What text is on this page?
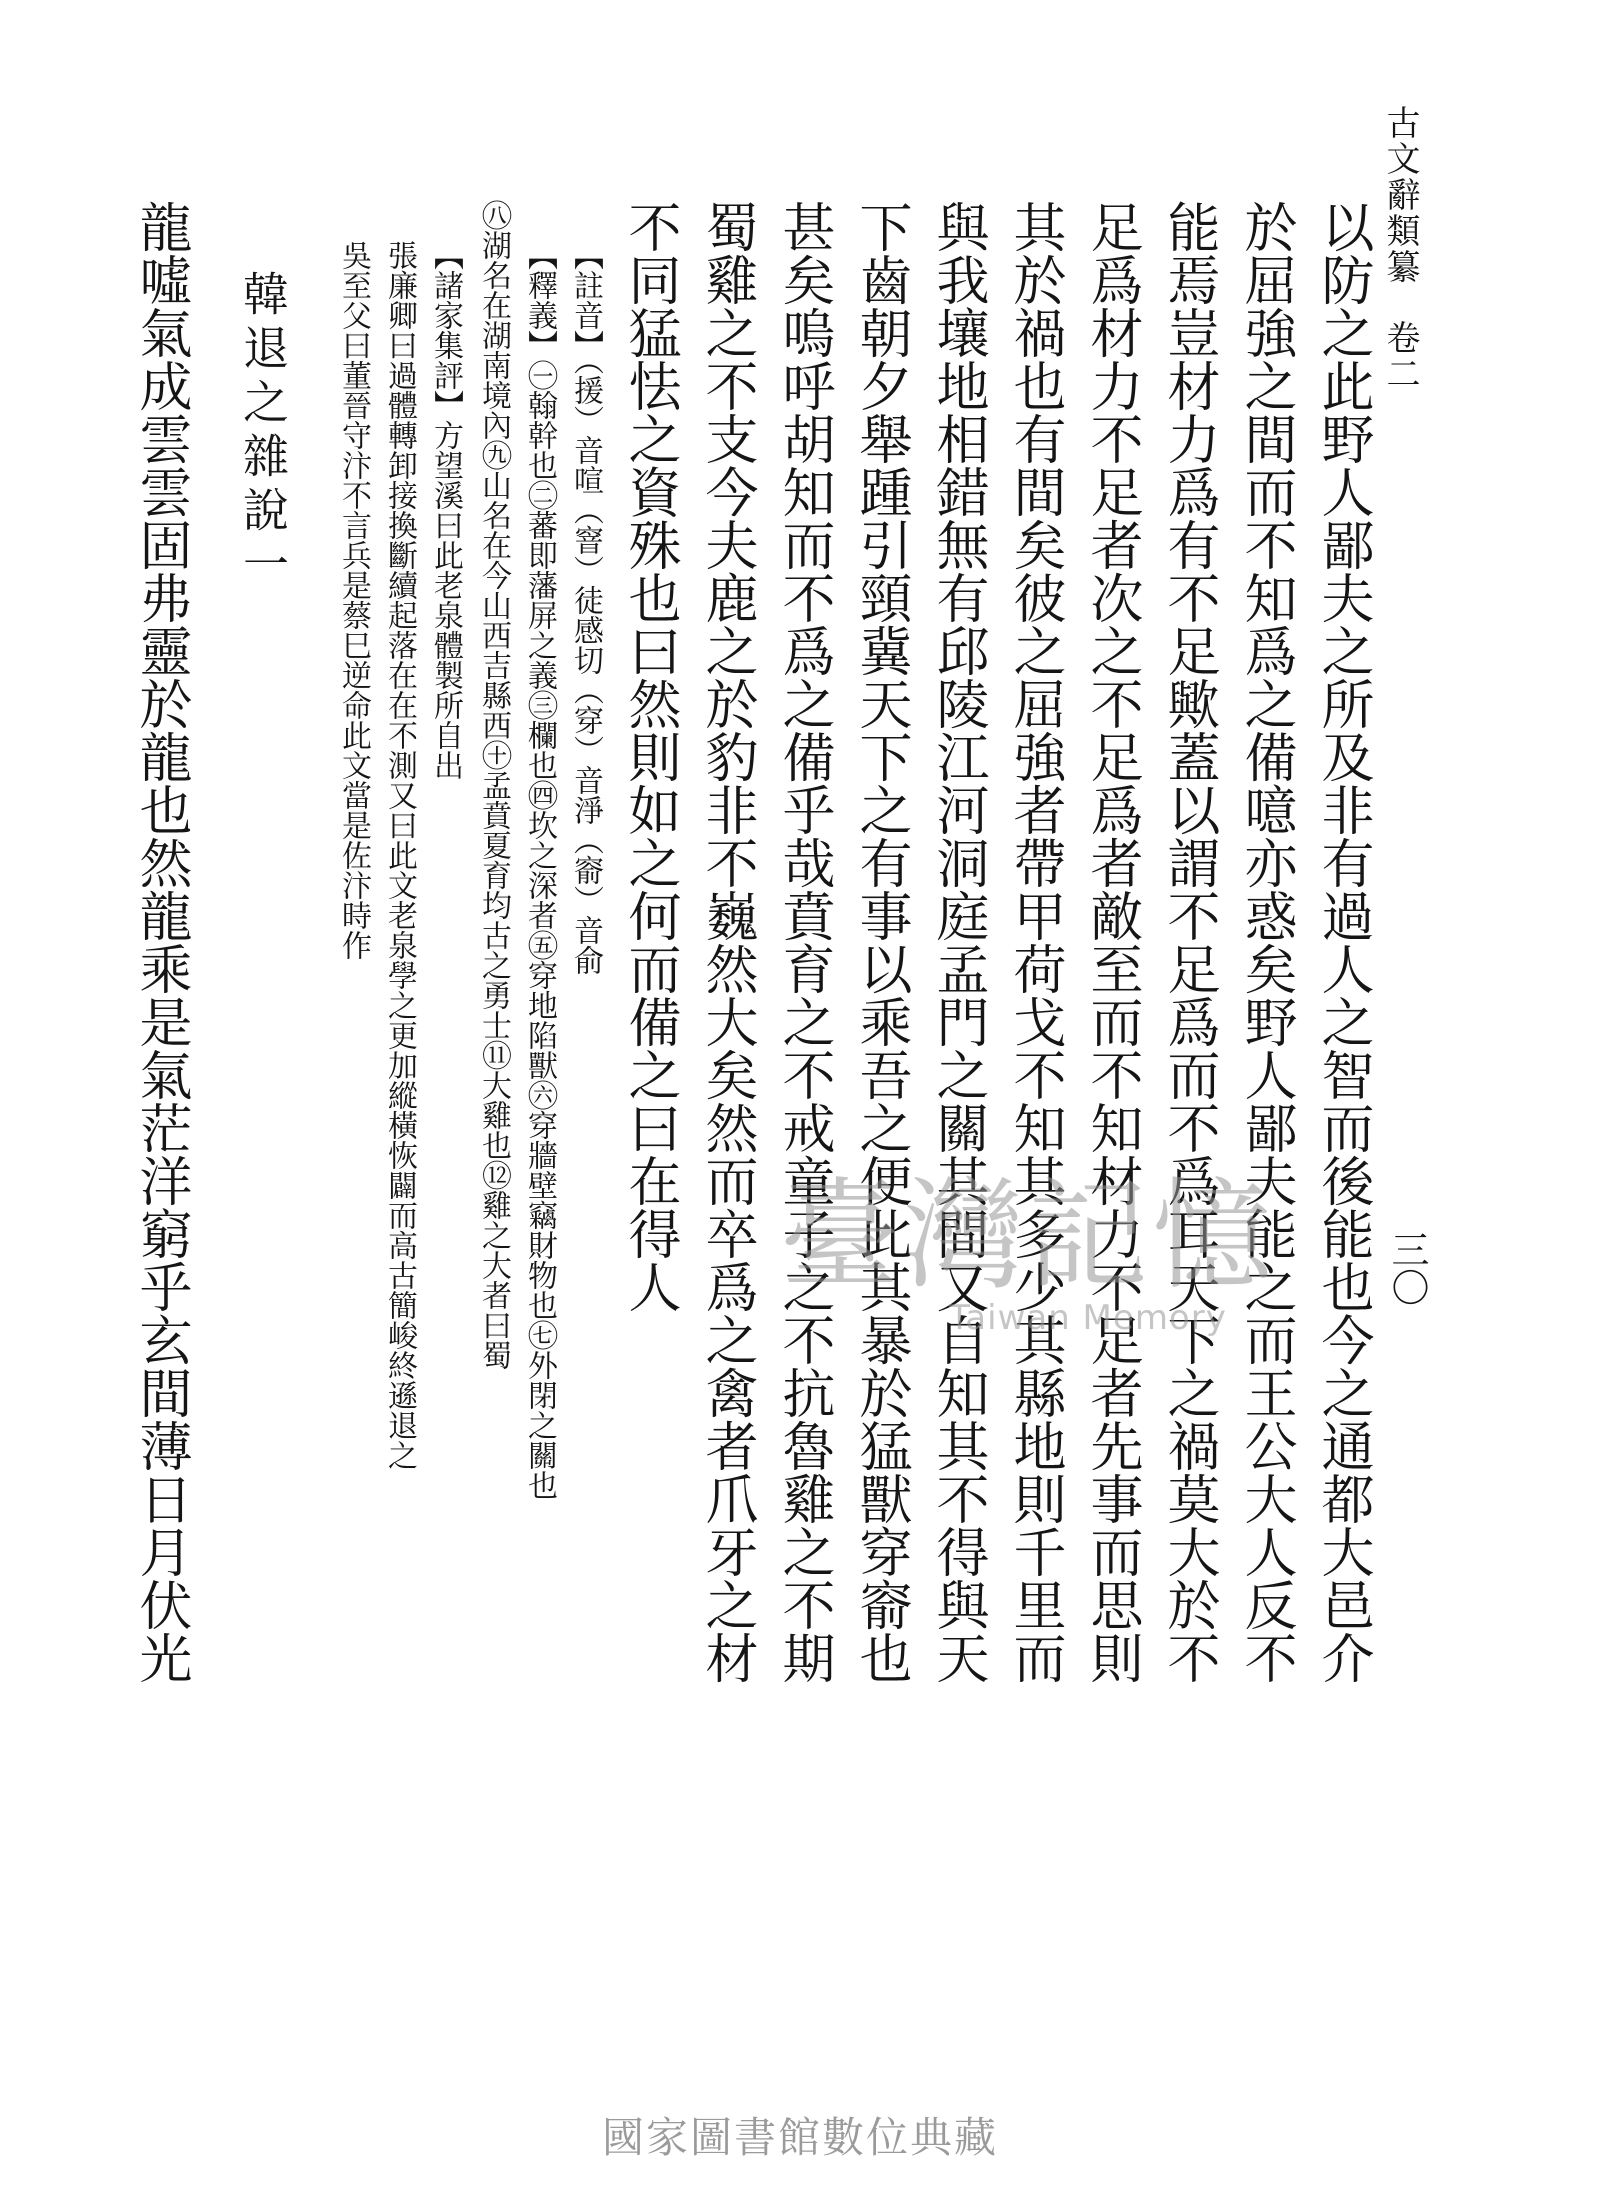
古文辭類纂
卷二
三〇
以防之此野人鄙夫之所及非有過人之智而後能也今之通都大邑介
於屈強之間而不知爲之備噫亦惑矣野人鄙夫能之而王公大人反不
能焉豈材力爲有不足歟蓋以謂不足爲而不爲耳天下之禍莫大於不
足爲材力不足者次之不足爲者敵至而不知材力不足者先事而思則
其於禍也有間矣彼之屈強者帶甲荷戈不知其多少其縣地則千里而
與我壤地相錯無有邱陵江河洞庭孟門之關其間又自知其不得與天
下齒朝夕舉踵引頸冀天下之有事以乘吾之便此其暴於猛獸穿窬也
甚矣嗚呼胡知而不爲之備乎哉賁育之不戒童子之不抗魯雞之不期
蜀雞之不支今夫鹿之於豹非不巍然大矣然而卒爲之禽者爪牙之材
不同猛怯之資殊也曰然則如之何而備之曰在得人
【註音】（援）音喧（窨）徒感切（穿）音淨（窬）音俞
【釋義】㊀翰幹也㊁蕃即藩屏之義㊂欄也㊃坎之深者㊄穿地陷獸㊅穿牆壁竊財物也㊆外閉之關也
㊇湖名在湖南境內㊈山名在今山西吉縣西㊉孟賁夏育均古之勇士⑪大雞也⑫雞之大者曰蜀
【諸家集評】方望溪曰此老泉體製所自出
張廉卿曰過體轉卸接換斷續起落在在不測又曰此文老泉學之更加縱橫恢闢而高古簡峻終遜退之
吳至父曰董晉守汴不言兵是蔡巳逆命此文當是佐汴時作
韓退之雜說一
龍噓氣成雲雲固弗靈於龍也然龍乘是氣茫洋窮乎玄間薄日月伏光	臺灣記憶
Taiwan Memory
國家圖書館數位典藏
